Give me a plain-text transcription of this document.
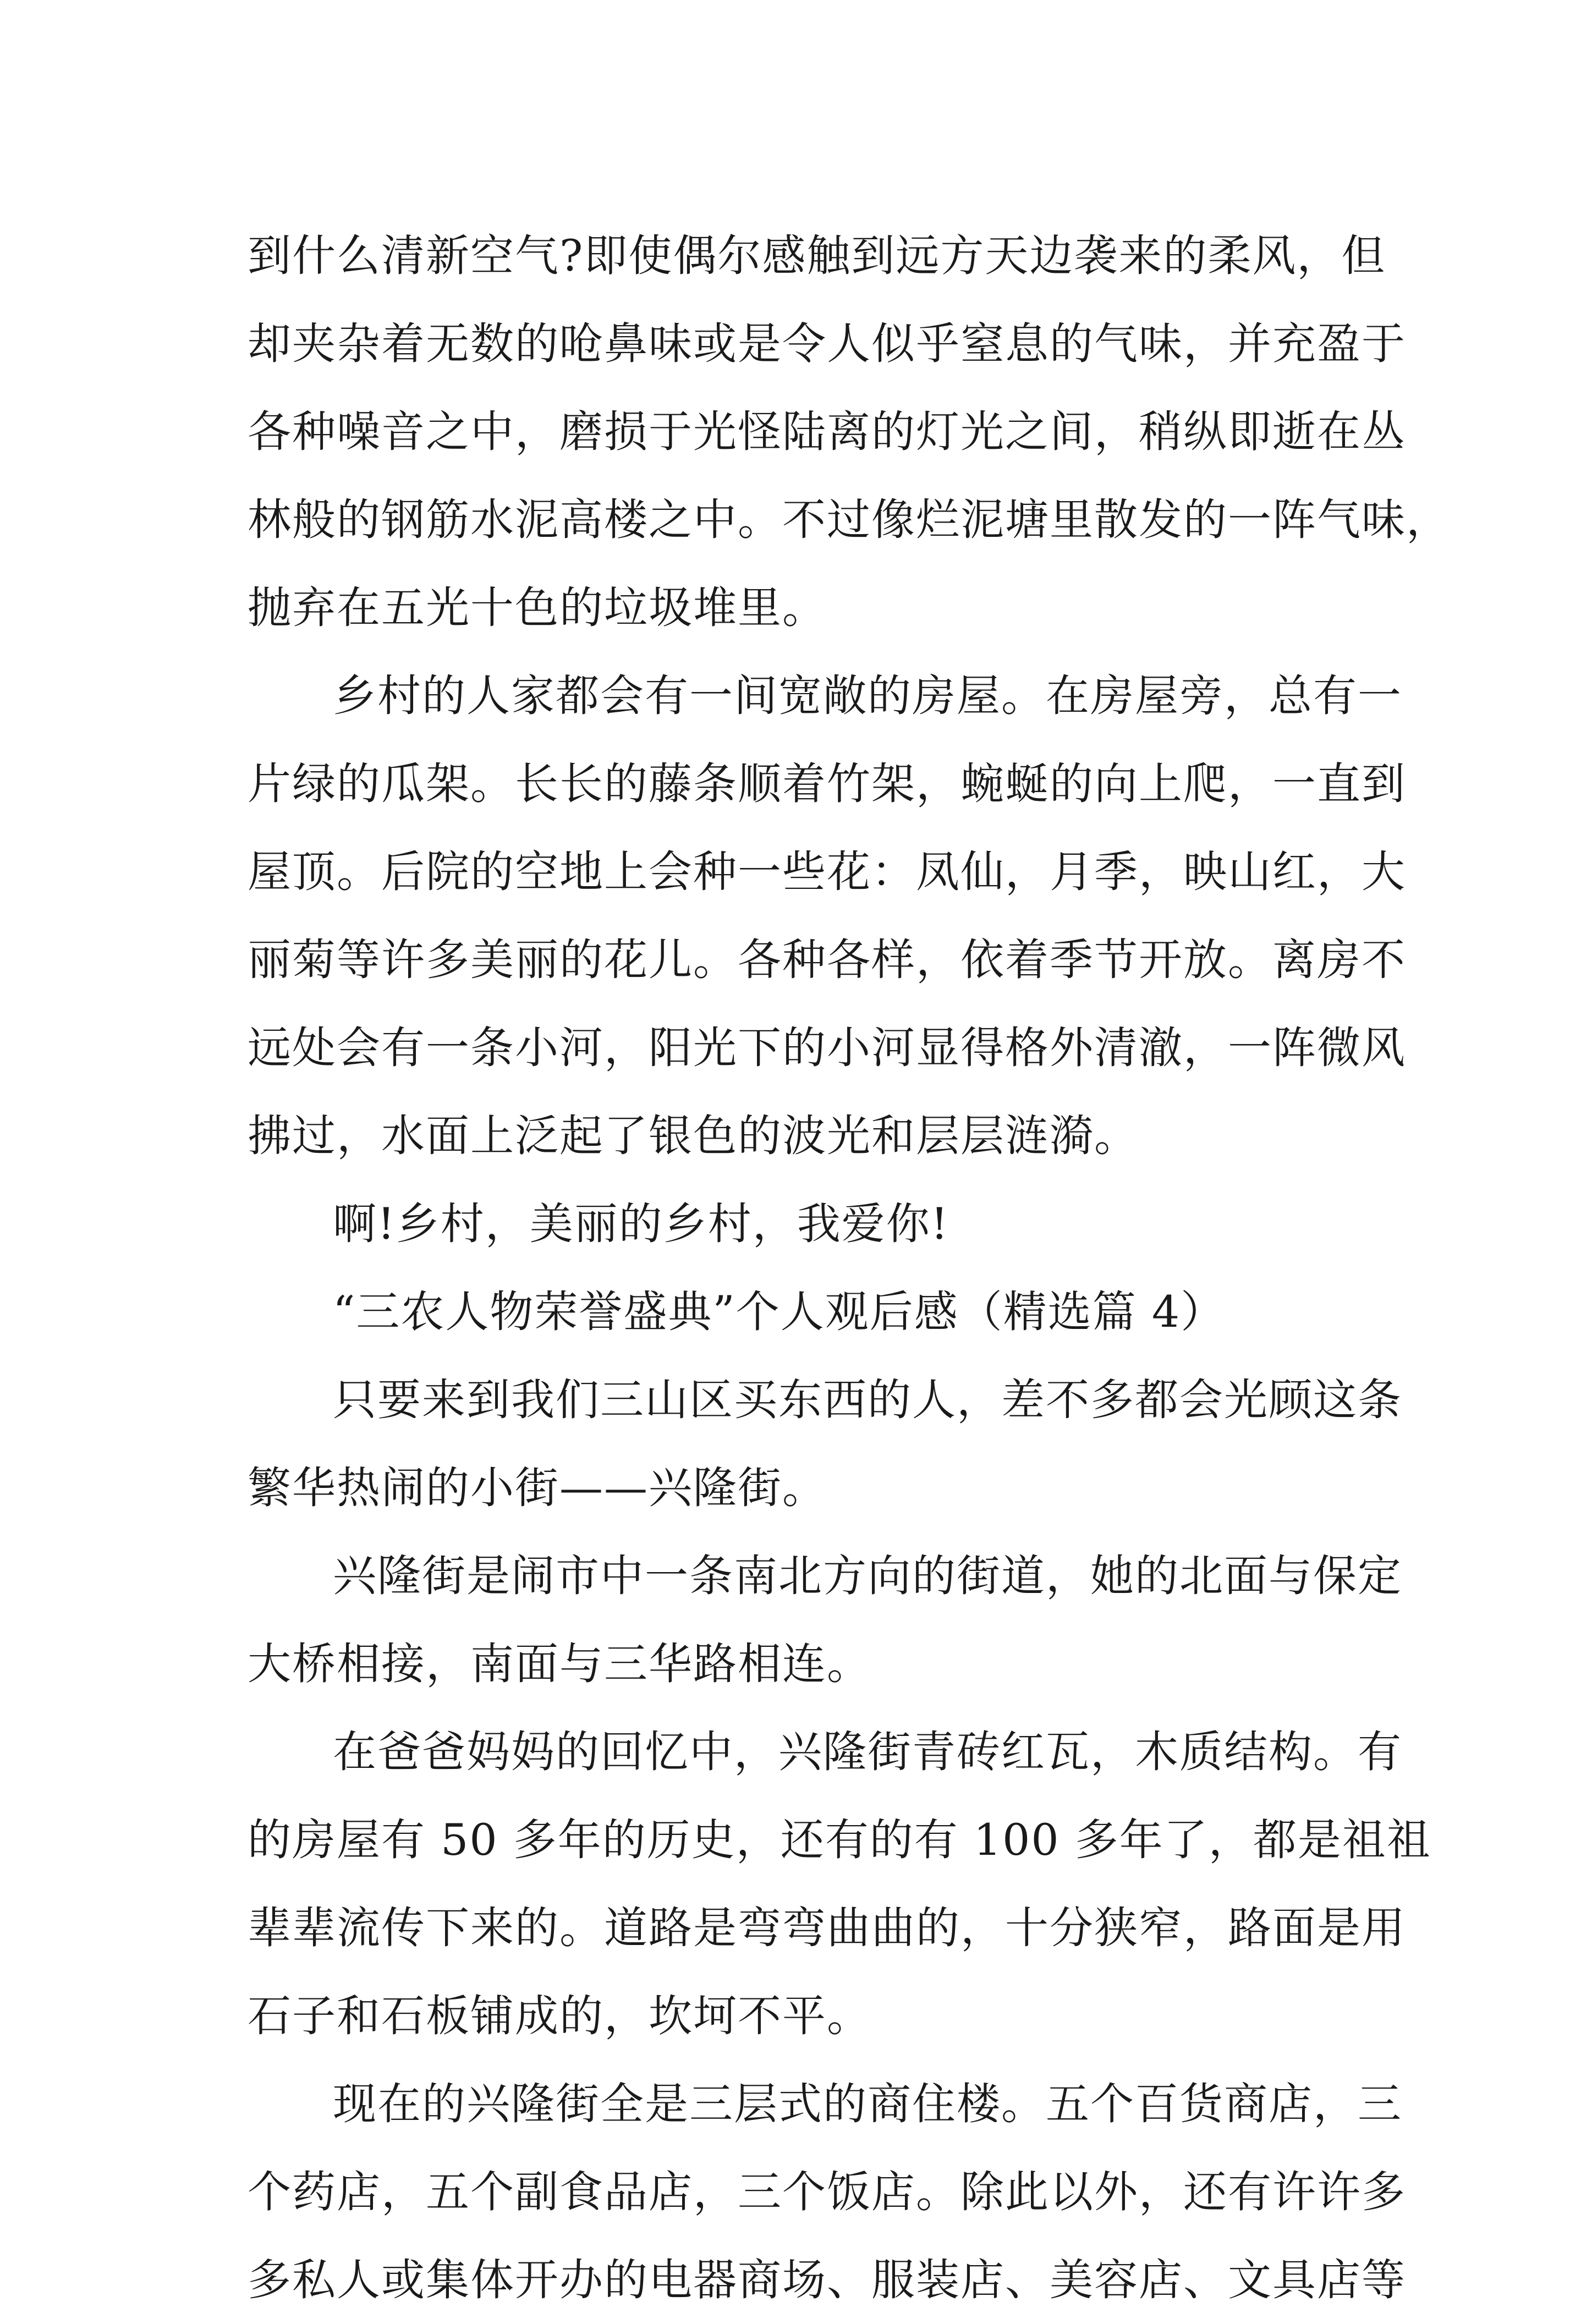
到什么清新空气?即使偶尔感触到远方天边袭来的柔风，但
却夹杂着无数的呛鼻味或是令人似乎窒息的气味，并充盈于
各种噪音之中，磨损于光怪陆离的灯光之间，稍纵即逝在丛
林般的钢筋水泥高楼之中。不过像烂泥塘里散发的一阵气味，
抛弃在五光十色的垃圾堆里。
乡村的人家都会有一间宽敞的房屋。在房屋旁，总有一
片绿的瓜架。长长的藤条顺着竹架，蜿蜒的向上爬，一直到
屋顶。后院的空地上会种一些花：凤仙，月季，映山红，大
丽菊等许多美丽的花儿。各种各样，依着季节开放。离房不
远处会有一条小河，阳光下的小河显得格外清澈，一阵微风
拂过，水面上泛起了银色的波光和层层涟漪。
啊!乡村，美丽的乡村，我爱你!
“三农人物荣誉盛典”个人观后感（精选篇 4）
只要来到我们三山区买东西的人，差不多都会光顾这条
繁华热闹的小街——兴隆街。
兴隆街是闹市中一条南北方向的街道，她的北面与保定
大桥相接，南面与三华路相连。
在爸爸妈妈的回忆中，兴隆街青砖红瓦，木质结构。有
的房屋有 50 多年的历史，还有的有 100 多年了，都是祖祖
辈辈流传下来的。道路是弯弯曲曲的，十分狭窄，路面是用
石子和石板铺成的，坎坷不平。
现在的兴隆街全是三层式的商住楼。五个百货商店，三
个药店，五个副食品店，三个饭店。除此以外，还有许许多
多私人或集体开办的电器商场、服装店、美容店、文具店等
